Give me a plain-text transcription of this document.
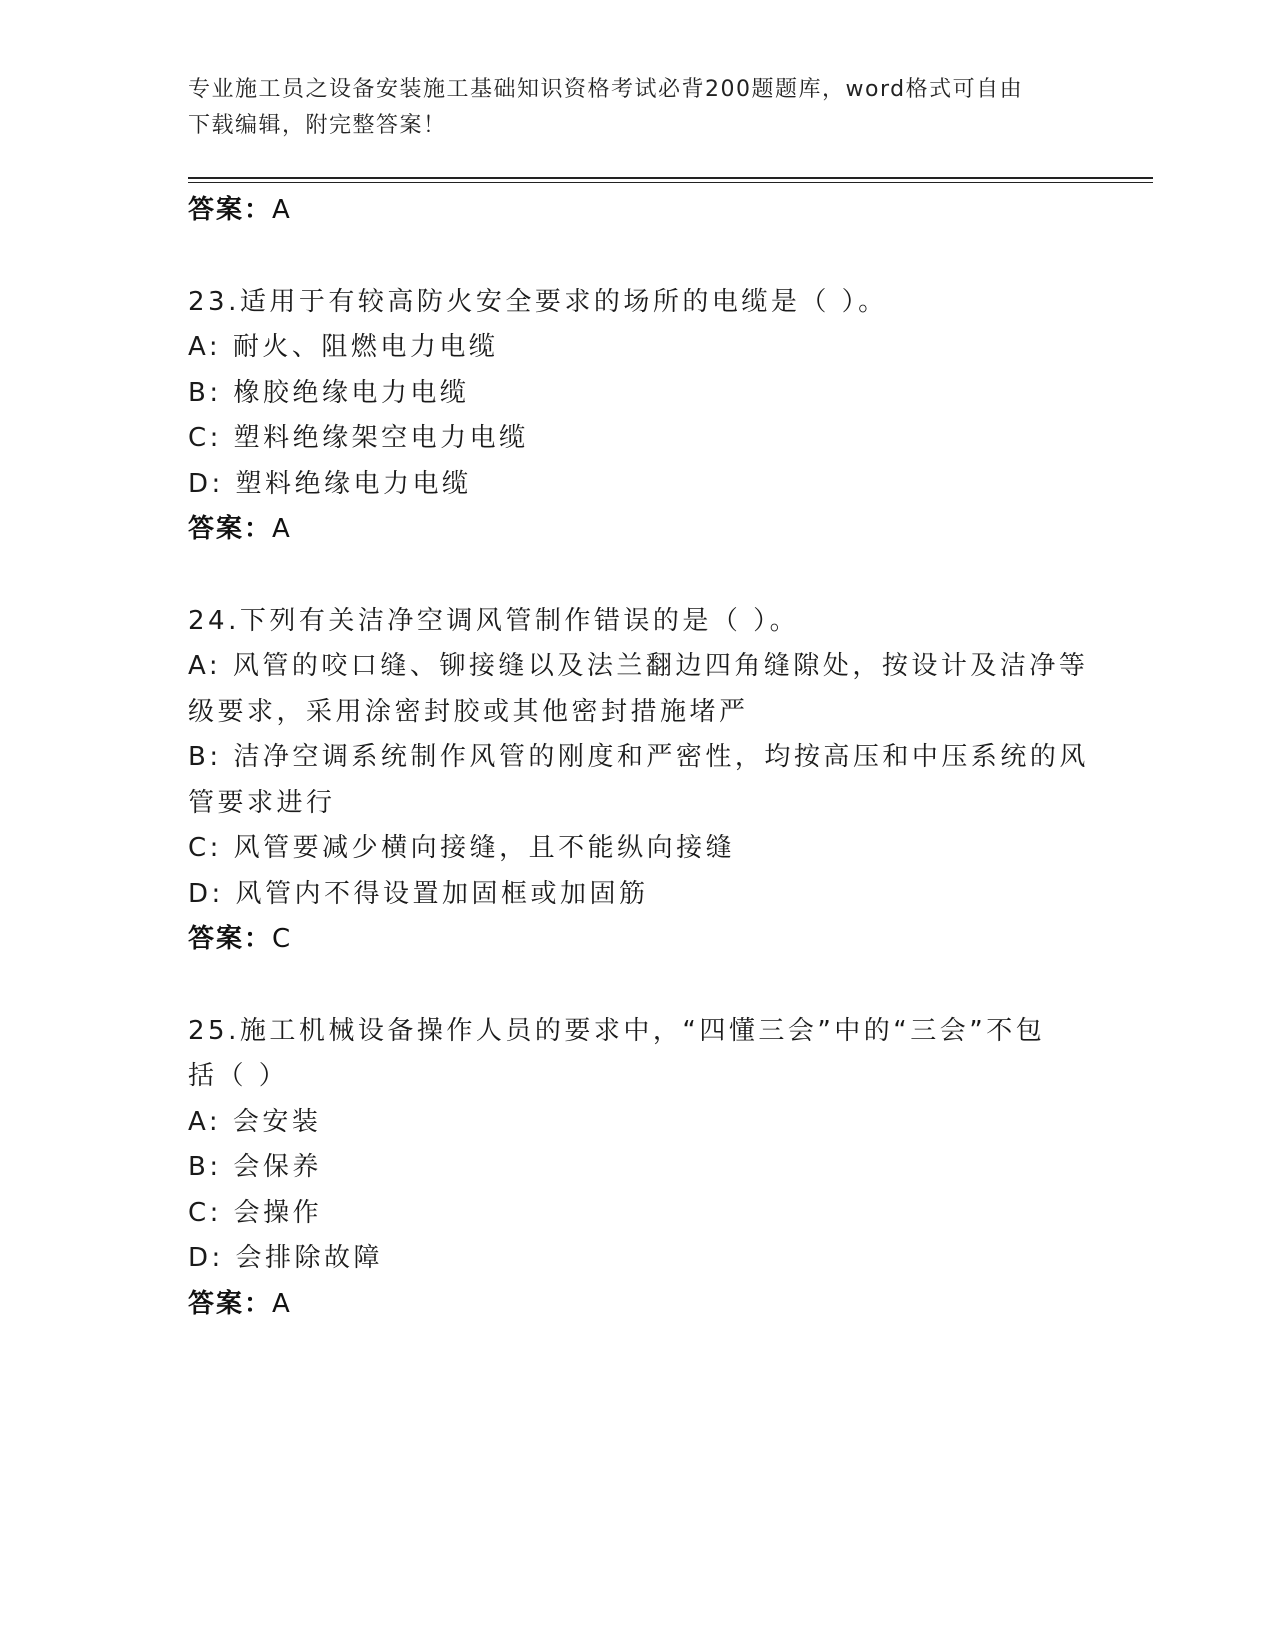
专业施工员之设备安装施工基础知识资格考试必背200题题库，word格式可自由
下载编辑，附完整答案！
答案：A
23.适用于有较高防火安全要求的场所的电缆是（ ）。
A: 耐火、阻燃电力电缆
B: 橡胶绝缘电力电缆
C: 塑料绝缘架空电力电缆
D: 塑料绝缘电力电缆
答案：A
24.下列有关洁净空调风管制作错误的是（ ）。
A: 风管的咬口缝、铆接缝以及法兰翻边四角缝隙处，按设计及洁净等
级要求，采用涂密封胶或其他密封措施堵严
B: 洁净空调系统制作风管的刚度和严密性，均按高压和中压系统的风
管要求进行
C: 风管要减少横向接缝，且不能纵向接缝
D: 风管内不得设置加固框或加固筋
答案：C
25.施工机械设备操作人员的要求中，“四懂三会”中的“三会”不包
括（ ）
A: 会安装
B: 会保养
C: 会操作
D: 会排除故障
答案：A
